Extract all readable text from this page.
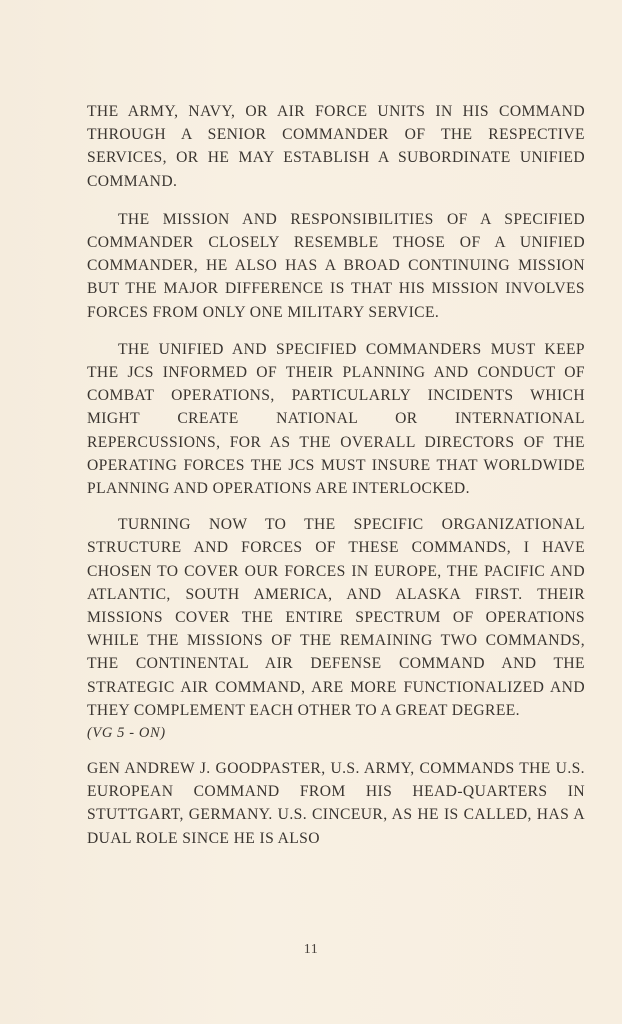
THE ARMY, NAVY, OR AIR FORCE UNITS IN HIS COMMAND THROUGH A SENIOR COMMANDER OF THE RESPECTIVE SERVICES, OR HE MAY ESTABLISH A SUBORDINATE UNIFIED COMMAND.

THE MISSION AND RESPONSIBILITIES OF A SPECIFIED COMMANDER CLOSELY RESEMBLE THOSE OF A UNIFIED COMMANDER, HE ALSO HAS A BROAD CONTINUING MISSION BUT THE MAJOR DIFFERENCE IS THAT HIS MISSION INVOLVES FORCES FROM ONLY ONE MILITARY SERVICE.

THE UNIFIED AND SPECIFIED COMMANDERS MUST KEEP THE JCS INFORMED OF THEIR PLANNING AND CONDUCT OF COMBAT OPERATIONS, PARTICULARLY INCIDENTS WHICH MIGHT CREATE NATIONAL OR INTERNATIONAL REPERCUSSIONS, FOR AS THE OVERALL DIRECTORS OF THE OPERATING FORCES THE JCS MUST INSURE THAT WORLDWIDE PLANNING AND OPERATIONS ARE INTERLOCKED.

TURNING NOW TO THE SPECIFIC ORGANIZATIONAL STRUCTURE AND FORCES OF THESE COMMANDS, I HAVE CHOSEN TO COVER OUR FORCES IN EUROPE, THE PACIFIC AND ATLANTIC, SOUTH AMERICA, AND ALASKA FIRST. THEIR MISSIONS COVER THE ENTIRE SPECTRUM OF OPERATIONS WHILE THE MISSIONS OF THE REMAINING TWO COMMANDS, THE CONTINENTAL AIR DEFENSE COMMAND AND THE STRATEGIC AIR COMMAND, ARE MORE FUNCTIONALIZED AND THEY COMPLEMENT EACH OTHER TO A GREAT DEGREE.

(VG 5 - ON)

GEN ANDREW J. GOODPASTER, U.S. ARMY, COMMANDS THE U.S. EUROPEAN COMMAND FROM HIS HEAD-QUARTERS IN STUTTGART, GERMANY. U.S. CINCEUR, AS HE IS CALLED, HAS A DUAL ROLE SINCE HE IS ALSO

11
